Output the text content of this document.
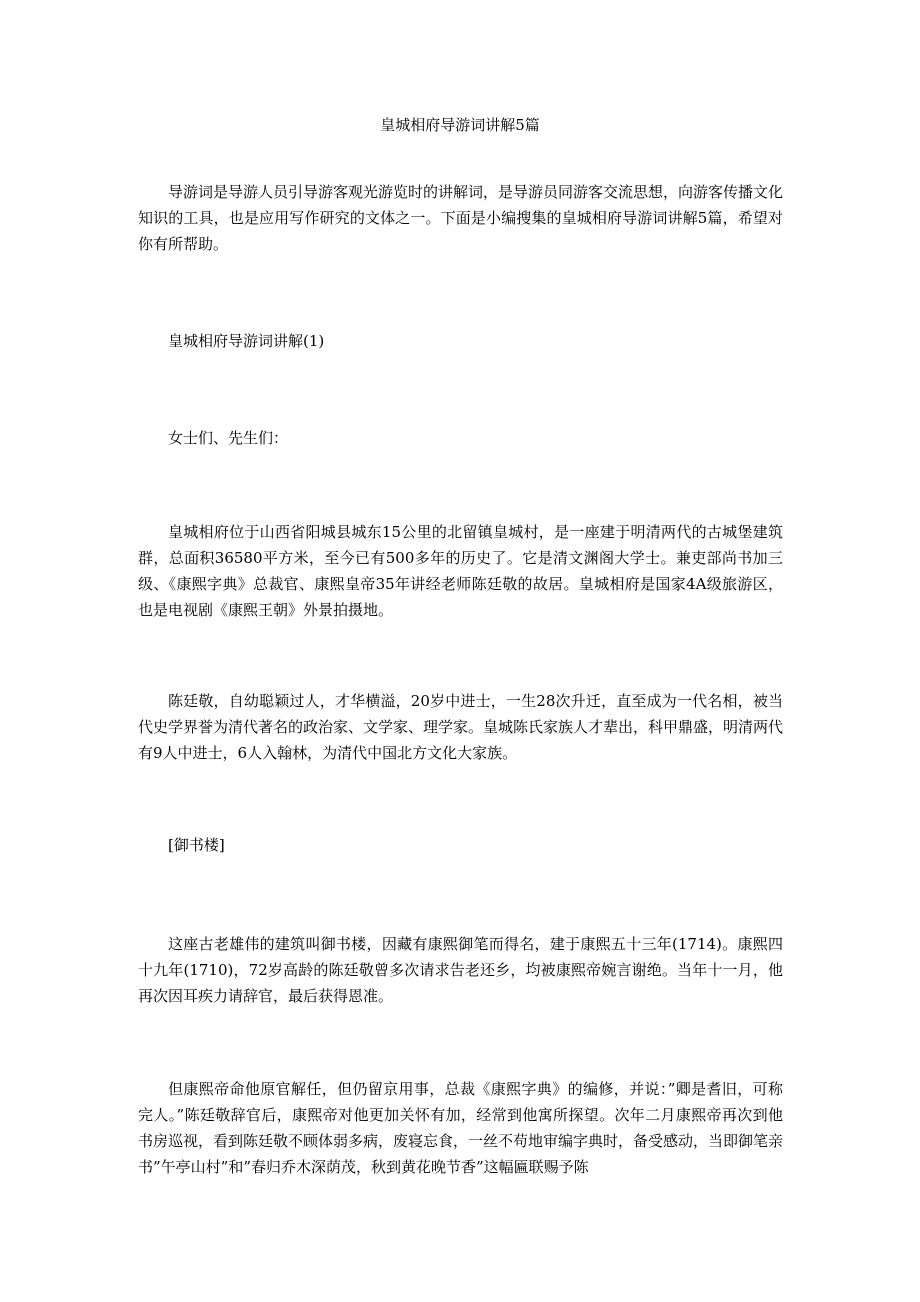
皇城相府导游词讲解5篇

导游词是导游人员引导游客观光游览时的讲解词，是导游员同游客交流思想，向游客传播文化知识的工具，也是应用写作研究的文体之一。下面是小编搜集的皇城相府导游词讲解5篇，希望对你有所帮助。

皇城相府导游词讲解(1)

女士们、先生们：

皇城相府位于山西省阳城县城东15公里的北留镇皇城村，是一座建于明清两代的古城堡建筑群，总面积36580平方米，至今已有500多年的历史了。它是清文渊阁大学士。兼吏部尚书加三级、《康熙字典》总裁官、康熙皇帝35年讲经老师陈廷敬的故居。皇城相府是国家4A级旅游区，也是电视剧《康熙王朝》外景拍摄地。

陈廷敬，自幼聪颖过人，才华横溢，20岁中进士，一生28次升迁，直至成为一代名相，被当代史学界誉为清代著名的政治家、文学家、理学家。皇城陈氏家族人才辈出，科甲鼎盛，明清两代有9人中进士，6人入翰林，为清代中国北方文化大家族。

[御书楼]

这座古老雄伟的建筑叫御书楼，因藏有康熙御笔而得名，建于康熙五十三年(1714)。康熙四十九年(1710)，72岁高龄的陈廷敬曾多次请求告老还乡，均被康熙帝婉言谢绝。当年十一月，他再次因耳疾力请辞官，最后获得恩准。

但康熙帝命他原官解任，但仍留京用事，总裁《康熙字典》的编修，并说：”卿是耆旧，可称完人。”陈廷敬辞官后，康熙帝对他更加关怀有加，经常到他寓所探望。次年二月康熙帝再次到他书房巡视，看到陈廷敬不顾体弱多病，废寝忘食，一丝不苟地审编字典时，备受感动，当即御笔亲书”午亭山村”和”春归乔木深荫茂，秋到黄花晚节香”这幅匾联赐予陈
